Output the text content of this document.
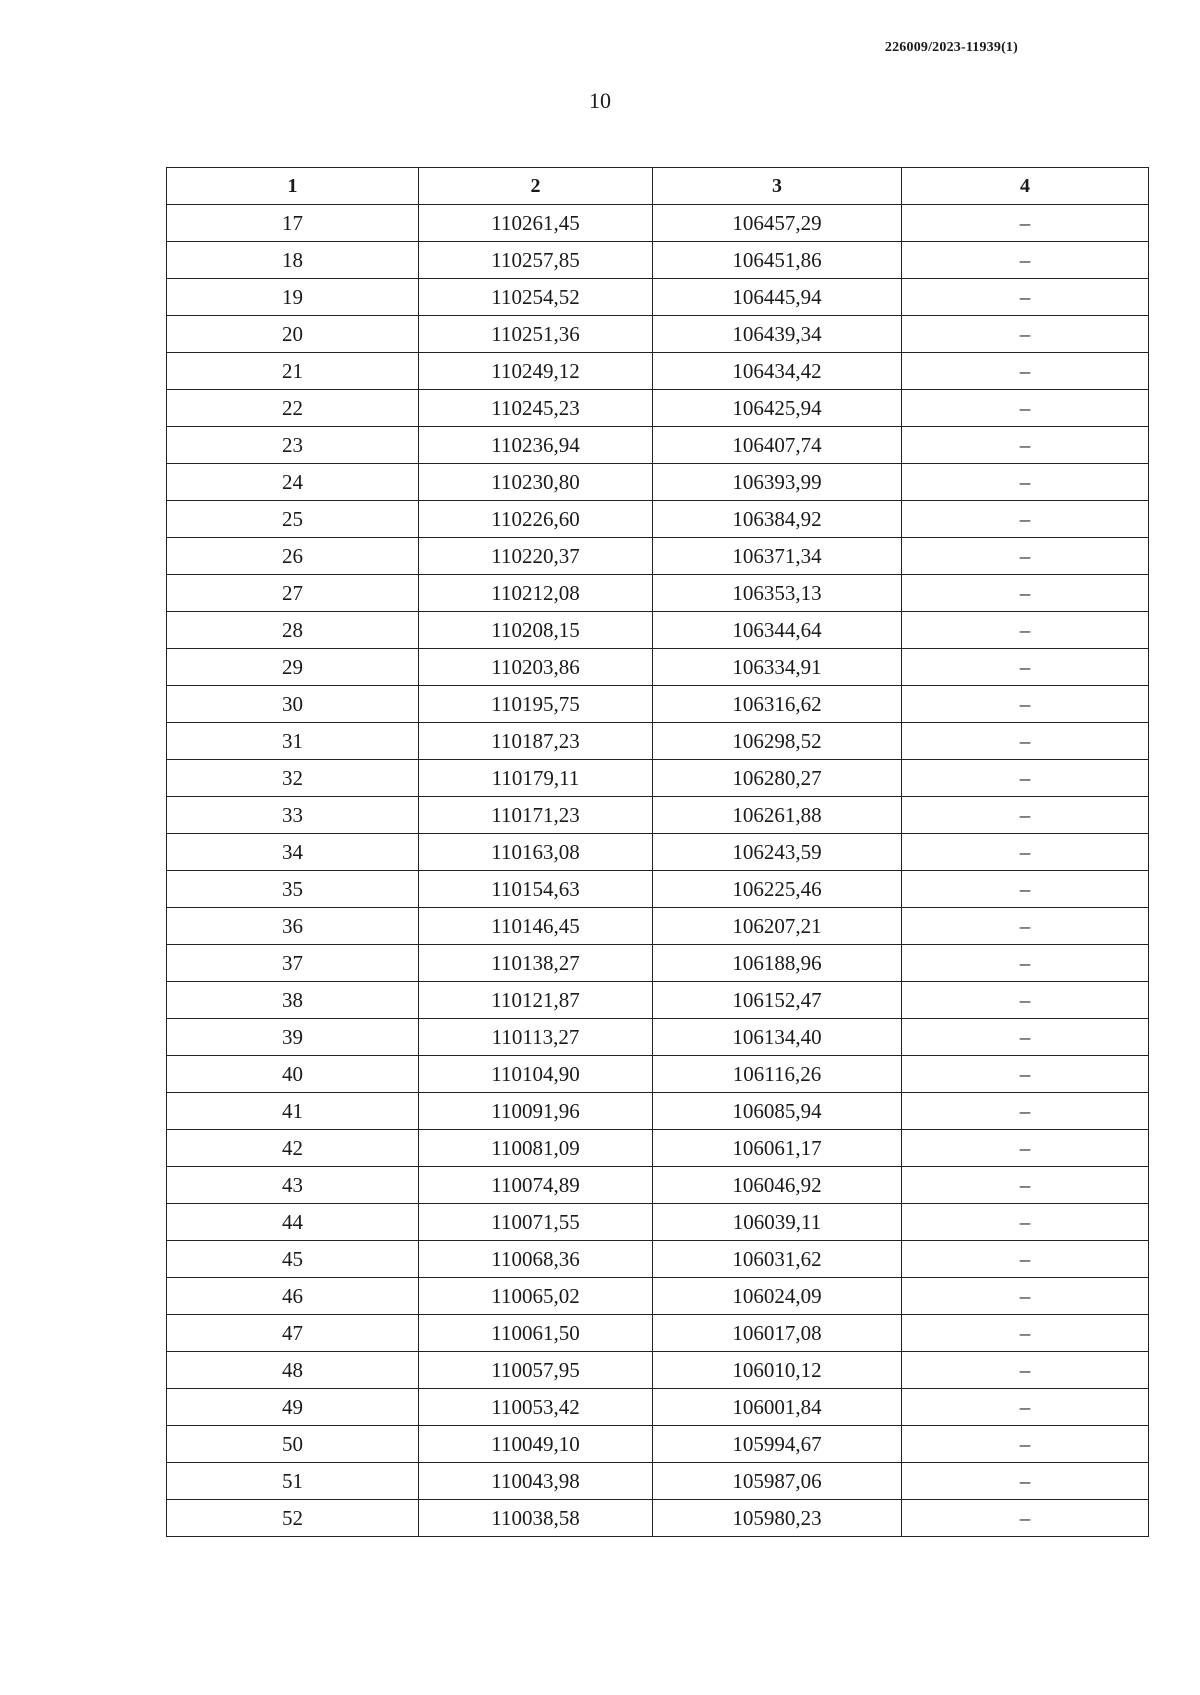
226009/2023-11939(1)
10
1	2	3	4
17	110261,45	106457,29	–
18	110257,85	106451,86	–
19	110254,52	106445,94	–
20	110251,36	106439,34	–
21	110249,12	106434,42	–
22	110245,23	106425,94	–
23	110236,94	106407,74	–
24	110230,80	106393,99	–
25	110226,60	106384,92	–
26	110220,37	106371,34	–
27	110212,08	106353,13	–
28	110208,15	106344,64	–
29	110203,86	106334,91	–
30	110195,75	106316,62	–
31	110187,23	106298,52	–
32	110179,11	106280,27	–
33	110171,23	106261,88	–
34	110163,08	106243,59	–
35	110154,63	106225,46	–
36	110146,45	106207,21	–
37	110138,27	106188,96	–
38	110121,87	106152,47	–
39	110113,27	106134,40	–
40	110104,90	106116,26	–
41	110091,96	106085,94	–
42	110081,09	106061,17	–
43	110074,89	106046,92	–
44	110071,55	106039,11	–
45	110068,36	106031,62	–
46	110065,02	106024,09	–
47	110061,50	106017,08	–
48	110057,95	106010,12	–
49	110053,42	106001,84	–
50	110049,10	105994,67	–
51	110043,98	105987,06	–
52	110038,58	105980,23	–
